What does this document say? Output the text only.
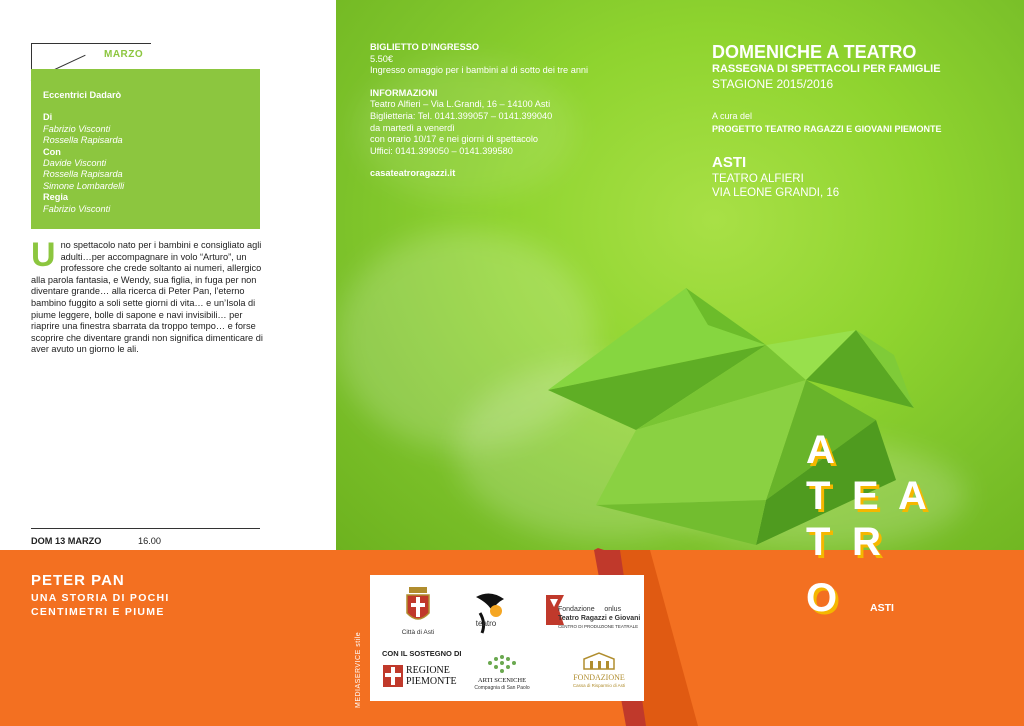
MARZO
Eccentrici Dadarò
Di
Fabrizio Visconti
Rossella Rapisarda
Con
Davide Visconti
Rossella Rapisarda
Simone Lombardelli
Regia
Fabrizio Visconti
Uno spettacolo nato per i bambini e consigliato agli adulti…per accompagnare in volo “Arturo”, un professore che crede soltanto ai numeri, allergico alla parola fantasia, e Wendy, sua figlia, in fuga per non diventare grande… alla ricerca di Peter Pan, l’eterno bambino fuggito a soli sette giorni di vita… e un’Isola di piume leggere, bolle di sapone e navi invisibili… per riaprire una finestra sbarrata da troppo tempo… e forse scoprire che diventare grandi non significa dimenticare di aver avuto un giorno le ali.
DOM 13 MARZO	16.00
PETER PAN
UNA STORIA DI POCHI
CENTIMETRI E PIUME
BIGLIETTO D’INGRESSO
5.50€
Ingresso omaggio per i bambini al di sotto dei tre anni
INFORMAZIONI
Teatro Alfieri – Via L.Grandi, 16 – 14100 Asti
Biglietteria: Tel. 0141.399057 – 0141.399040
da martedì a venerdì
con orario 10/17 e nei giorni di spettacolo
Uffici: 0141.399050 – 0141.399580
casateatroragazzi.it
DOMENICHE A TEATRO
RASSEGNA DI SPETTACOLI PER FAMIGLIE
STAGIONE 2015/2016
A cura del
PROGETTO TEATRO RAGAZZI E GIOVANI PIEMONTE
ASTI
TEATRO ALFIERI
VIA LEONE GRANDI, 16
A
T E A
T R
O	ASTI
Città di Asti
teatro
Fondazione onlus
Teatro Ragazzi e Giovani
CENTRO DI PRODUZIONE TEATRALE
REGIONE
PIEMONTE	ARTI SCENICHE
Compagnia di San Paolo
FONDAZIONE
Cassa di Risparmio di Asti
CON IL SOSTEGNO DI
MEDIASERVICE stile
